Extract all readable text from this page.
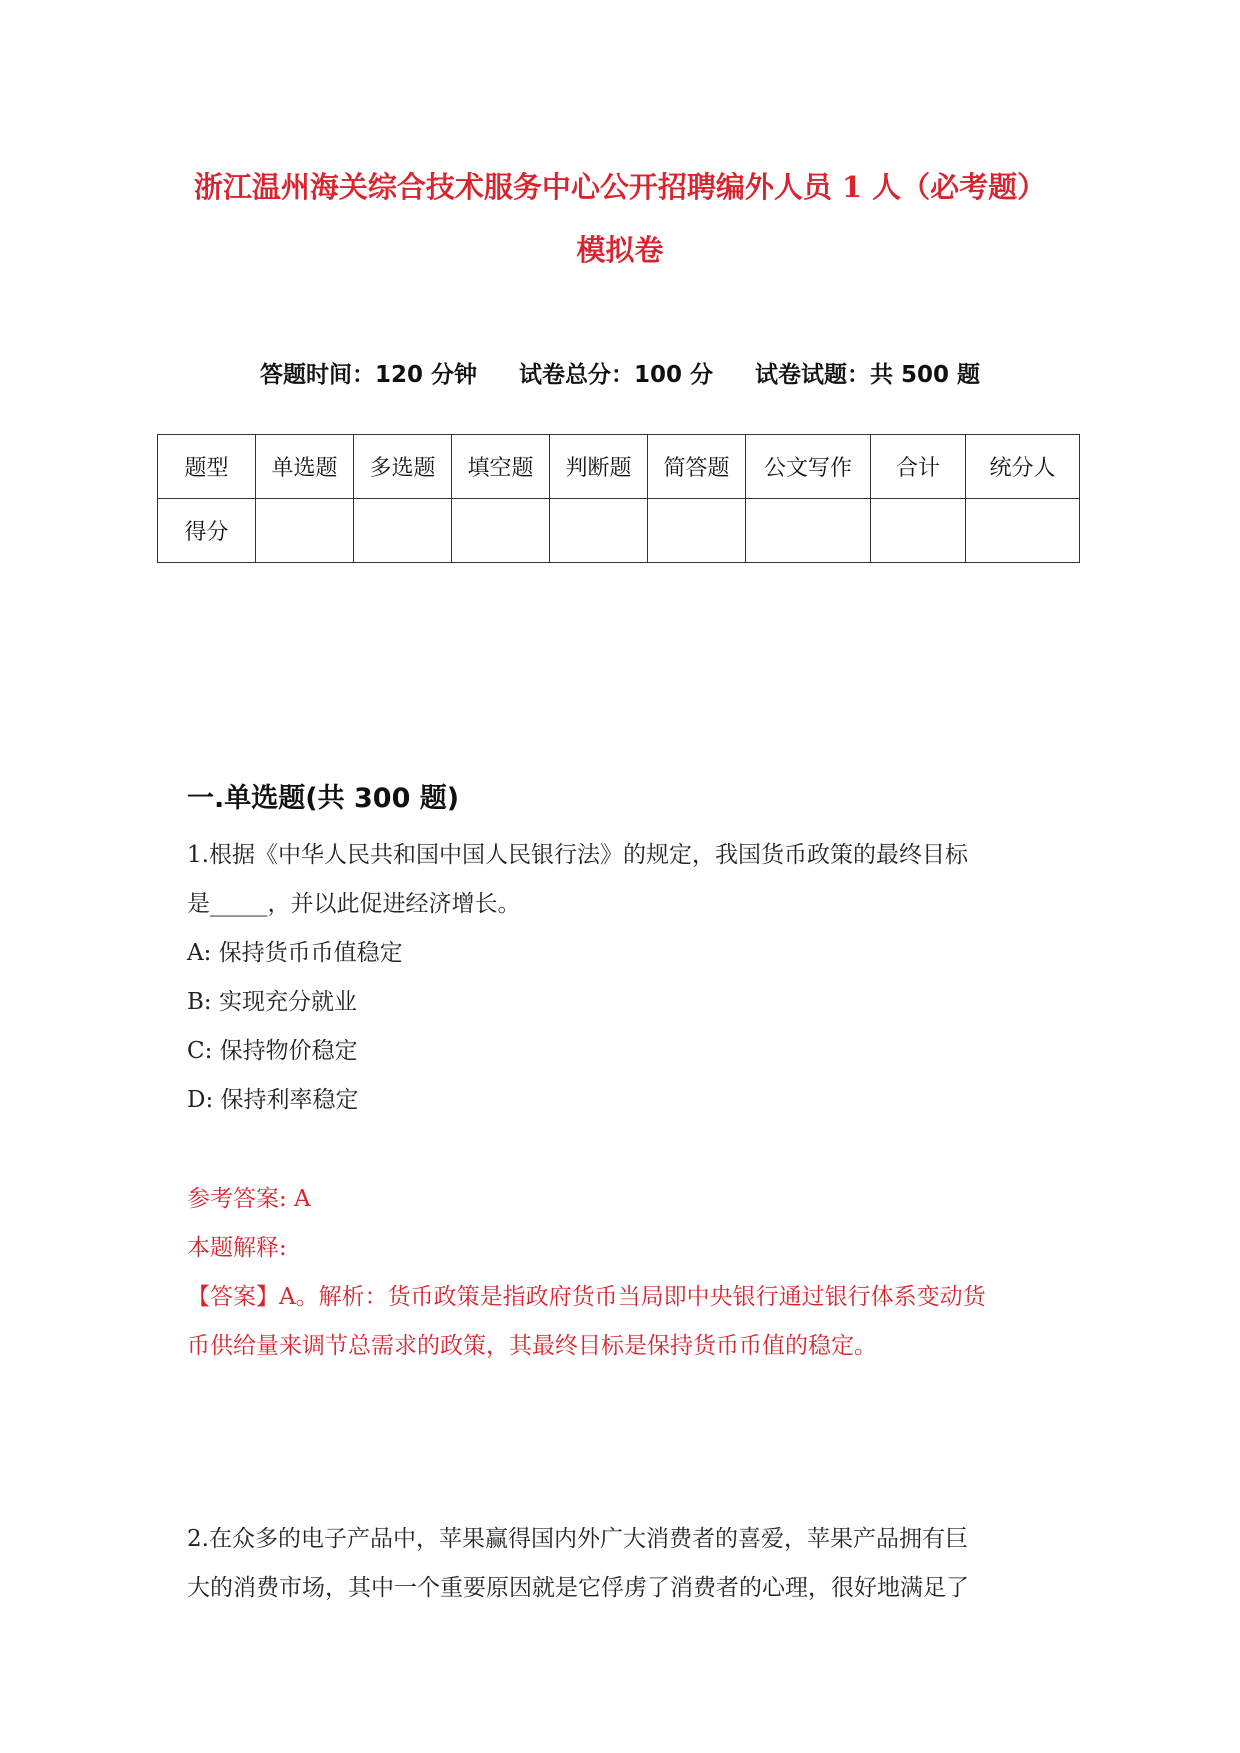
浙江温州海关综合技术服务中心公开招聘编外人员 1 人（必考题）
模拟卷
答题时间：120 分钟 试卷总分：100 分 试卷试题：共 500 题
题型	单选题	多选题	填空题	判断题	简答题	公文写作	合计	统分人
得分								
一.单选题(共 300 题)
1.根据《中华人民共和国中国人民银行法》的规定，我国货币政策的最终目标
是_____，并以此促进经济增长。
A: 保持货币币值稳定
B: 实现充分就业
C: 保持物价稳定
D: 保持利率稳定
参考答案: A
本题解释:
【答案】A。解析：货币政策是指政府货币当局即中央银行通过银行体系变动货
币供给量来调节总需求的政策，其最终目标是保持货币币值的稳定。
2.在众多的电子产品中，苹果赢得国内外广大消费者的喜爱，苹果产品拥有巨
大的消费市场，其中一个重要原因就是它俘虏了消费者的心理，很好地满足了
